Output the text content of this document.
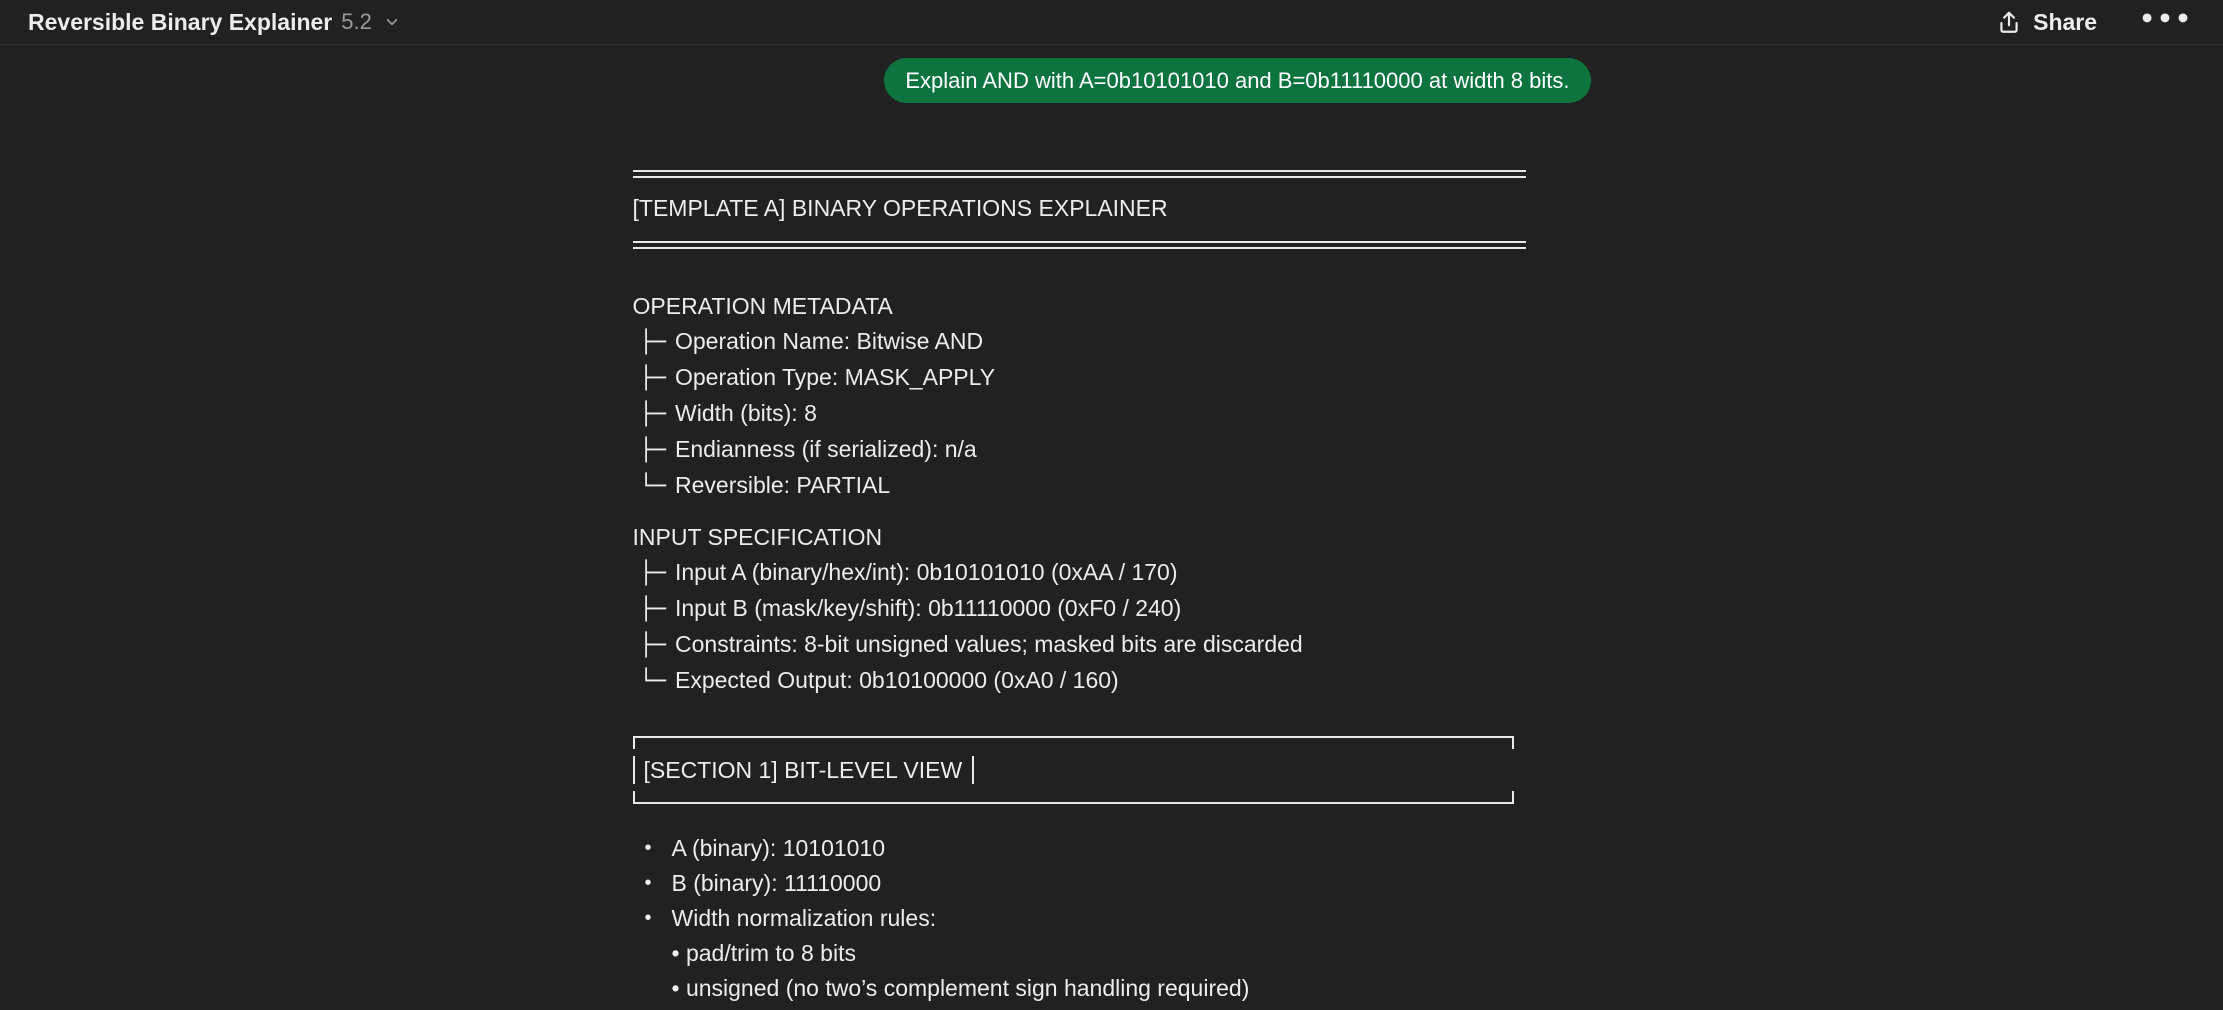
Reversible Binary Explainer 5.2	Share •••
Explain AND with A=0b10101010 and B=0b11110000 at width 8 bits.
[TEMPLATE A] BINARY OPERATIONS EXPLAINER
OPERATION METADATA
├─ Operation Name: Bitwise AND
├─ Operation Type: MASK_APPLY
├─ Width (bits): 8
├─ Endianness (if serialized): n/a
└─ Reversible: PARTIAL
INPUT SPECIFICATION
├─ Input A (binary/hex/int): 0b10101010 (0xAA / 170)
├─ Input B (mask/key/shift): 0b11110000 (0xF0 / 240)
├─ Constraints: 8-bit unsigned values; masked bits are discarded
└─ Expected Output: 0b10100000 (0xA0 / 160)
[SECTION 1] BIT-LEVEL VIEW
• A (binary): 10101010
• B (binary): 11110000
• Width normalization rules:
• pad/trim to 8 bits
• unsigned (no two’s complement sign handling required)
